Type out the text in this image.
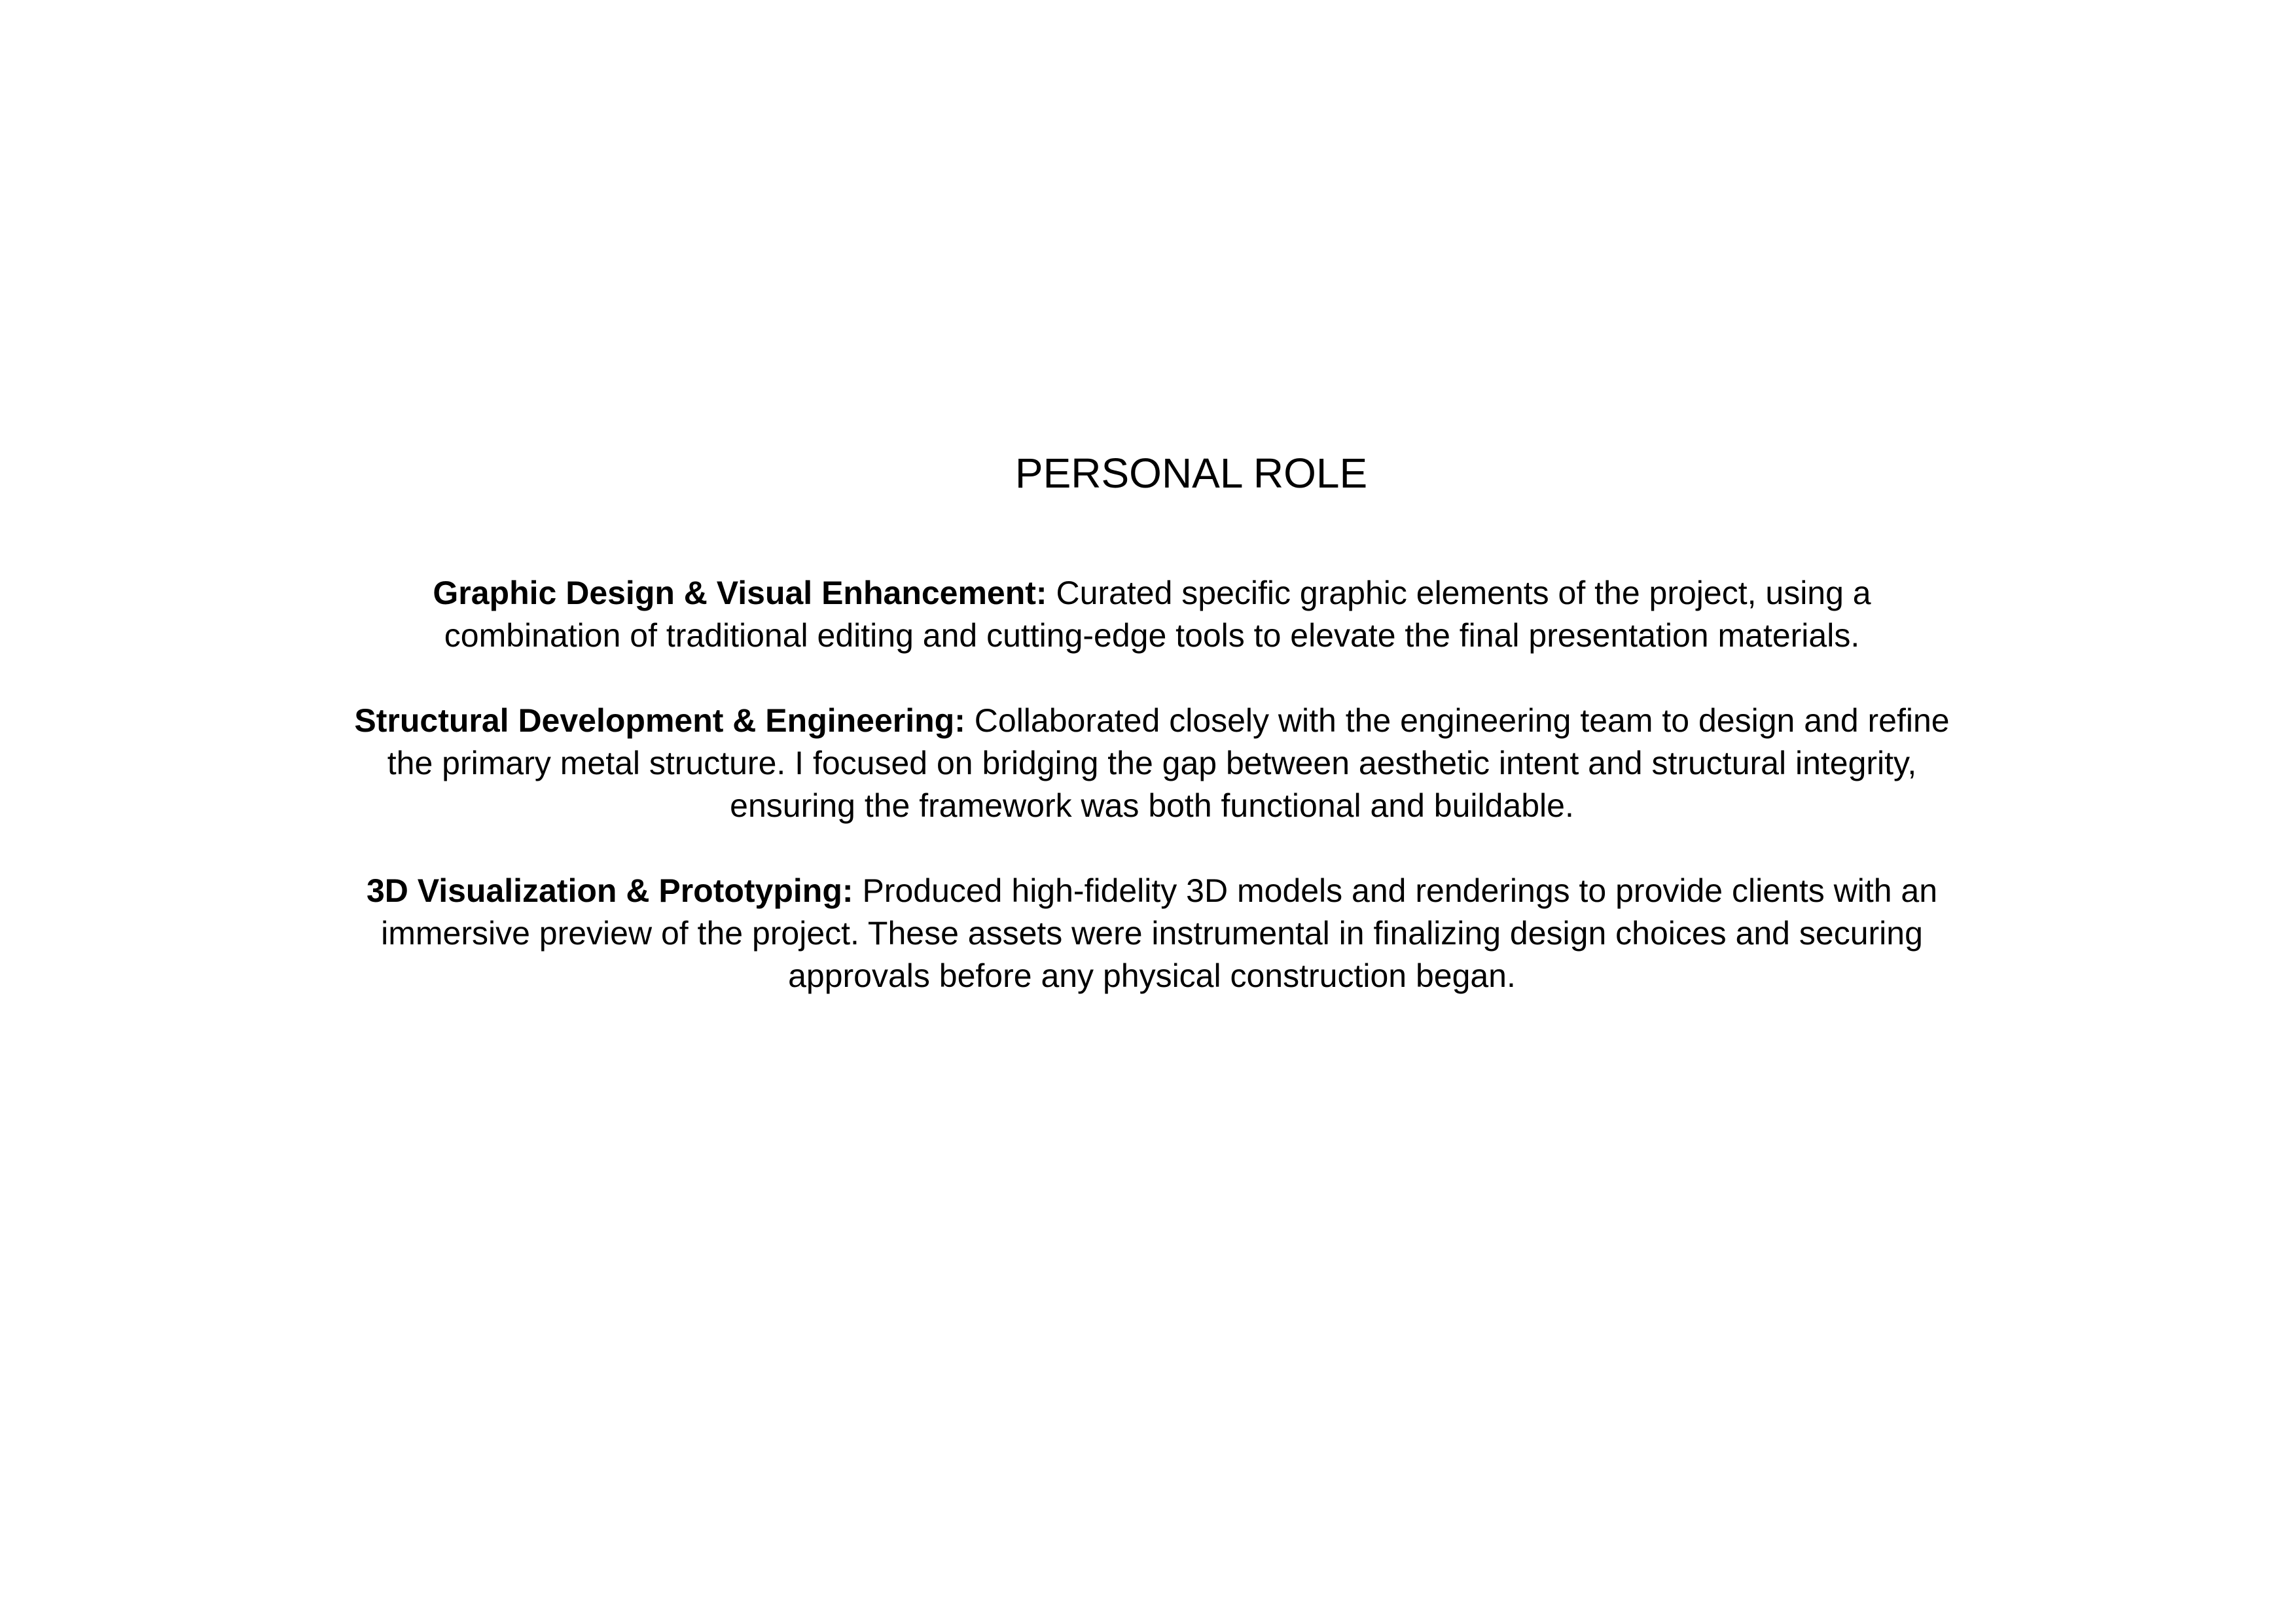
PERSONAL ROLE

Graphic Design & Visual Enhancement: Curated specific graphic elements of the project, using a combination of traditional editing and cutting-edge tools to elevate the final presentation materials.

Structural Development & Engineering: Collaborated closely with the engineering team to design and refine the primary metal structure. I focused on bridging the gap between aesthetic intent and structural integrity, ensuring the framework was both functional and buildable.

3D Visualization & Prototyping: Produced high-fidelity 3D models and renderings to provide clients with an immersive preview of the project. These assets were instrumental in finalizing design choices and securing approvals before any physical construction began.
